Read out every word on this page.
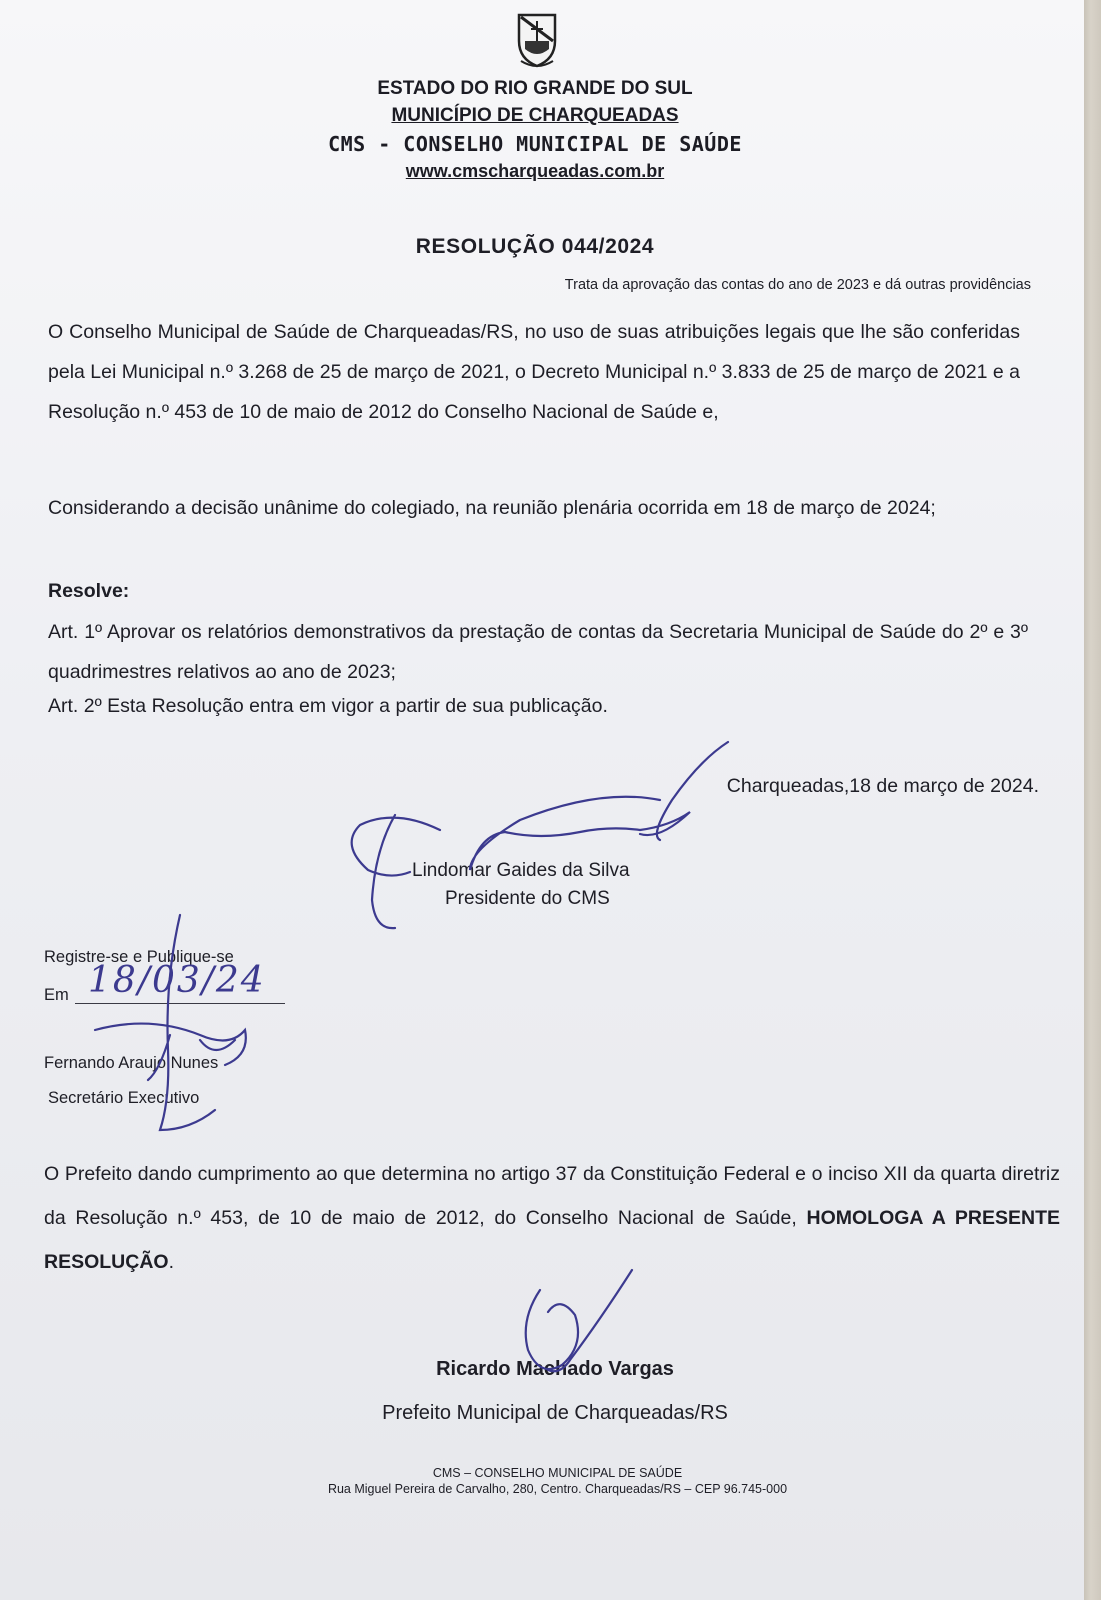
ESTADO DO RIO GRANDE DO SUL
MUNICÍPIO DE CHARQUEADAS
CMS - CONSELHO MUNICIPAL DE SAÚDE
www.cmscharqueadas.com.br
RESOLUÇÃO 044/2024
Trata da aprovação das contas do ano de 2023 e dá outras providências
O Conselho Municipal de Saúde de Charqueadas/RS, no uso de suas atribuições legais que lhe são conferidas pela Lei Municipal n.º 3.268 de 25 de março de 2021, o Decreto Municipal n.º 3.833 de 25 de março de 2021 e a Resolução n.º 453 de 10 de maio de 2012 do Conselho Nacional de Saúde e,
Considerando a decisão unânime do colegiado, na reunião plenária ocorrida em 18 de março de 2024;
Resolve:
Art. 1º Aprovar os relatórios demonstrativos da prestação de contas da Secretaria Municipal de Saúde do 2º e 3º quadrimestres relativos ao ano de 2023;
Art. 2º Esta Resolução entra em vigor a partir de sua publicação.
Charqueadas,18 de março de 2024.
Lindomar Gaides da Silva
Presidente do CMS
Registre-se e Publique-se
Em 18/03/24
Fernando Araujo Nunes
Secretário Executivo
O Prefeito dando cumprimento ao que determina no artigo 37 da Constituição Federal e o inciso XII da quarta diretriz da Resolução n.º 453, de 10 de maio de 2012, do Conselho Nacional de Saúde, HOMOLOGA A PRESENTE RESOLUÇÃO.
Ricardo Machado Vargas
Prefeito Municipal de Charqueadas/RS
CMS – CONSELHO MUNICIPAL DE SAÚDE
Rua Miguel Pereira de Carvalho, 280, Centro. Charqueadas/RS – CEP 96.745-000
